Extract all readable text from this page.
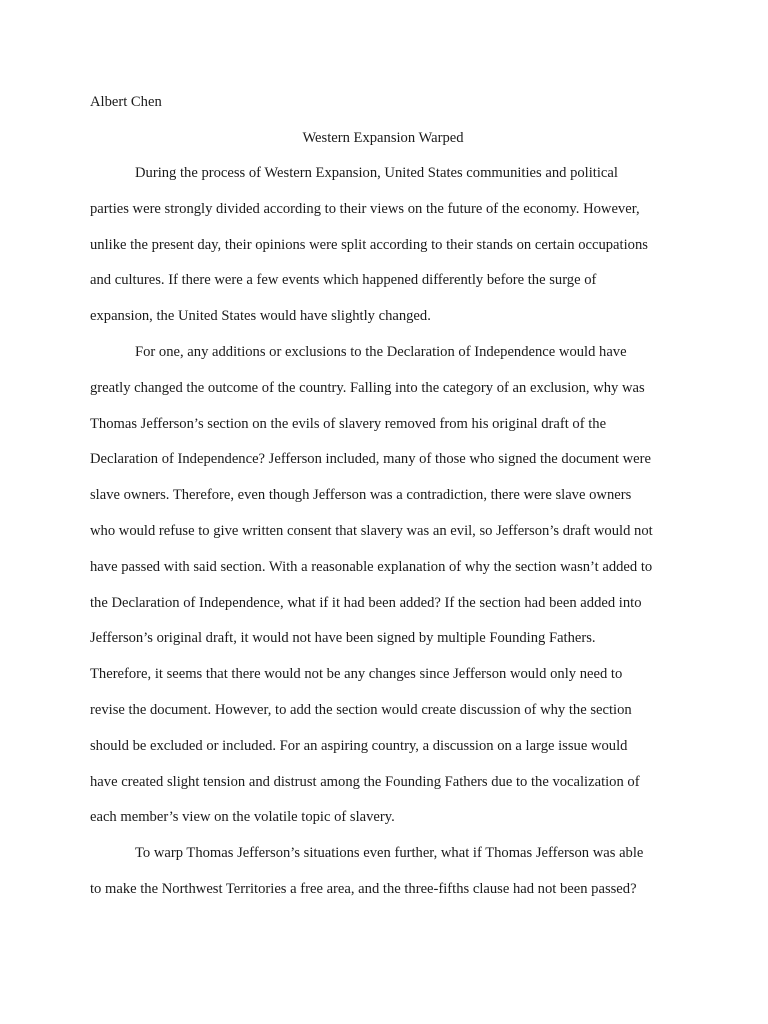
Albert Chen
Western Expansion Warped

During the process of Western Expansion, United States communities and political
parties were strongly divided according to their views on the future of the economy. However,
unlike the present day, their opinions were split according to their stands on certain occupations
and cultures. If there were a few events which happened differently before the surge of
expansion, the United States would have slightly changed.

For one, any additions or exclusions to the Declaration of Independence would have
greatly changed the outcome of the country. Falling into the category of an exclusion, why was
Thomas Jefferson’s section on the evils of slavery removed from his original draft of the
Declaration of Independence? Jefferson included, many of those who signed the document were
slave owners. Therefore, even though Jefferson was a contradiction, there were slave owners
who would refuse to give written consent that slavery was an evil, so Jefferson’s draft would not
have passed with said section. With a reasonable explanation of why the section wasn’t added to
the Declaration of Independence, what if it had been added? If the section had been added into
Jefferson’s original draft, it would not have been signed by multiple Founding Fathers.
Therefore, it seems that there would not be any changes since Jefferson would only need to
revise the document. However, to add the section would create discussion of why the section
should be excluded or included. For an aspiring country, a discussion on a large issue would
have created slight tension and distrust among the Founding Fathers due to the vocalization of
each member’s view on the volatile topic of slavery.

To warp Thomas Jefferson’s situations even further, what if Thomas Jefferson was able
to make the Northwest Territories a free area, and the three-fifths clause had not been passed?
